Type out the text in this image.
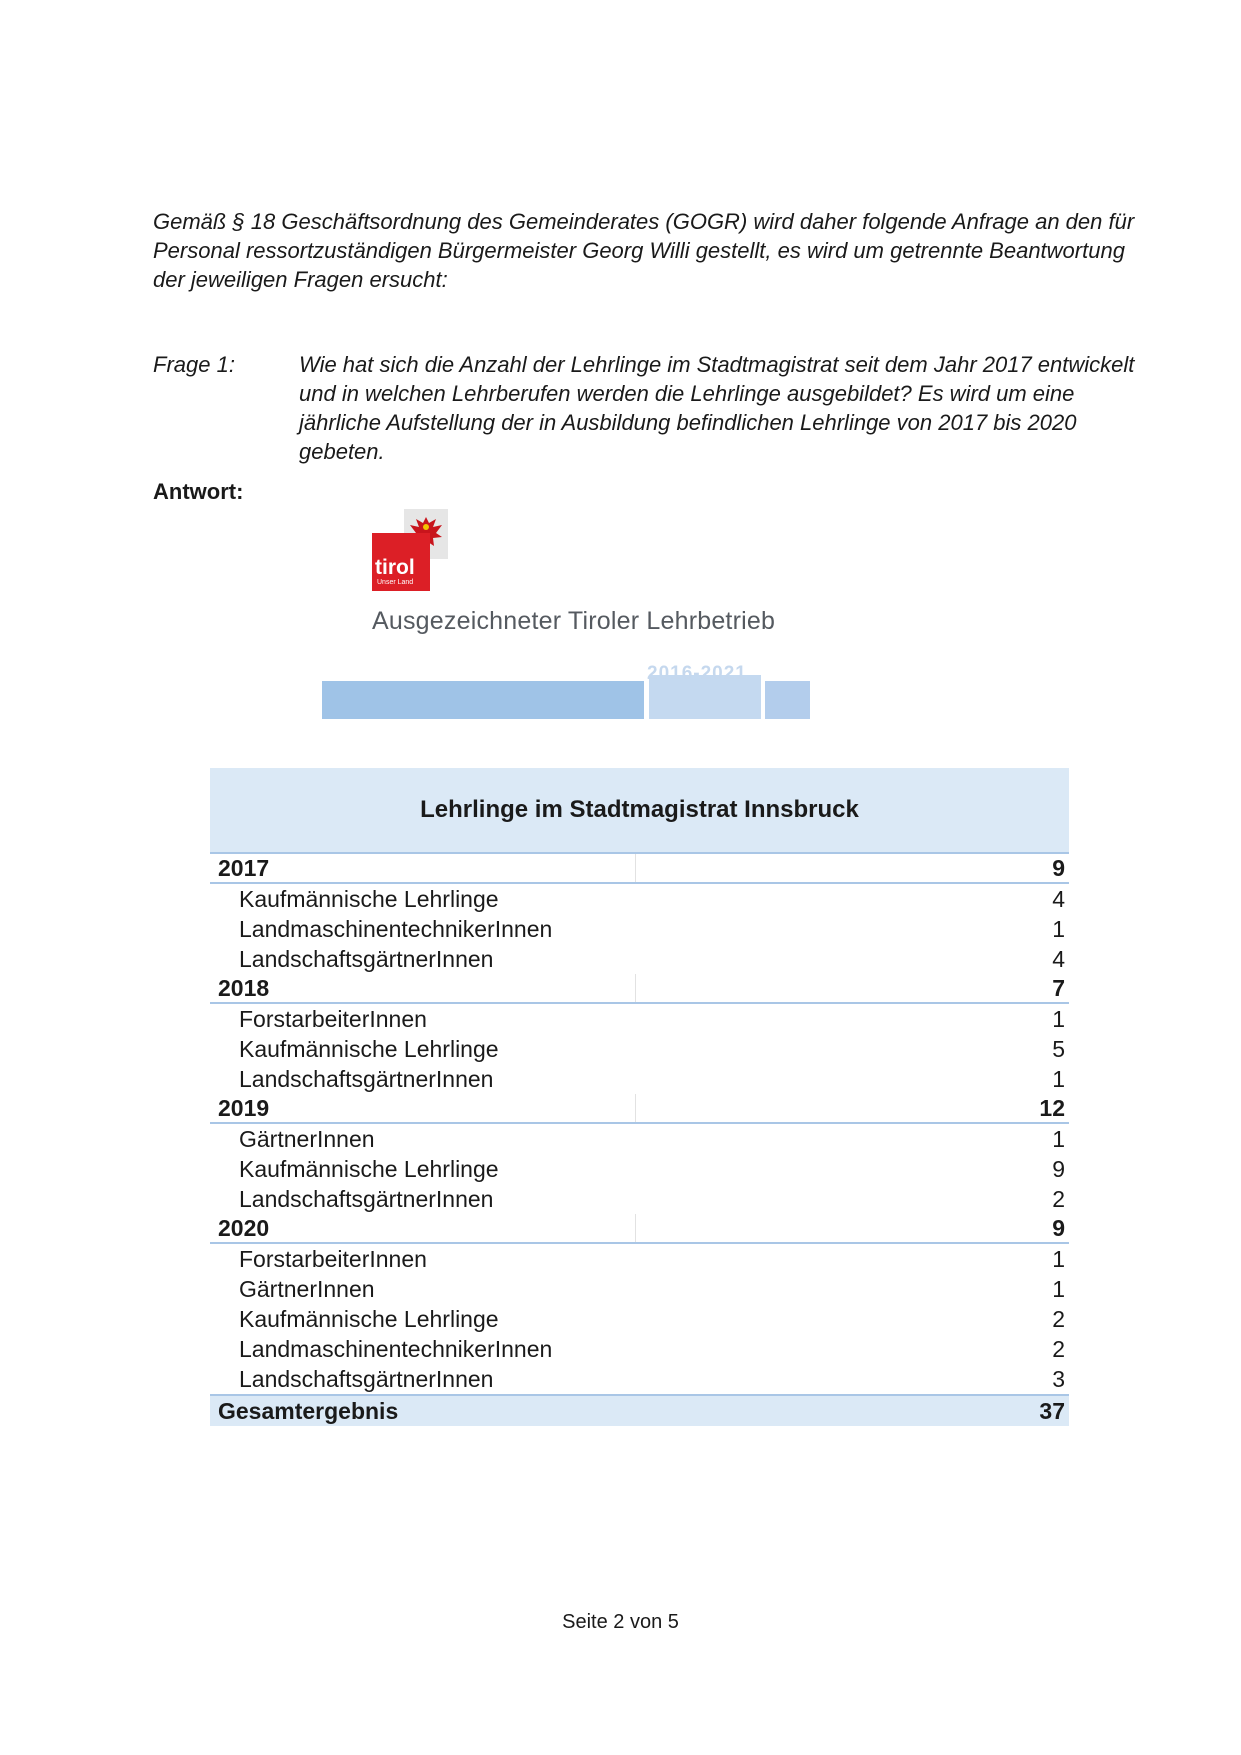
Gemäß § 18 Geschäftsordnung des Gemeinderates (GOGR) wird daher folgende Anfrage an den für Personal ressortzuständigen Bürgermeister Georg Willi gestellt, es wird um getrennte Beantwortung der jeweiligen Fragen ersucht:
Frage 1:	Wie hat sich die Anzahl der Lehrlinge im Stadtmagistrat seit dem Jahr 2017 entwickelt und in welchen Lehrberufen werden die Lehrlinge ausgebildet? Es wird um eine jährliche Aufstellung der in Ausbildung befindlichen Lehrlinge von 2017 bis 2020 gebeten.
Antwort:
tirol
Unser Land
Ausgezeichneter Tiroler Lehrbetrieb
2016-2021
Lehrlinge im Stadtmagistrat Innsbruck
2017	9
Kaufmännische Lehrlinge	4
LandmaschinentechnikerInnen	1
LandschaftsgärtnerInnen	4
2018	7
ForstarbeiterInnen	1
Kaufmännische Lehrlinge	5
LandschaftsgärtnerInnen	1
2019	12
GärtnerInnen	1
Kaufmännische Lehrlinge	9
LandschaftsgärtnerInnen	2
2020	9
ForstarbeiterInnen	1
GärtnerInnen	1
Kaufmännische Lehrlinge	2
LandmaschinentechnikerInnen	2
LandschaftsgärtnerInnen	3
Gesamtergebnis	37
Seite 2 von 5
